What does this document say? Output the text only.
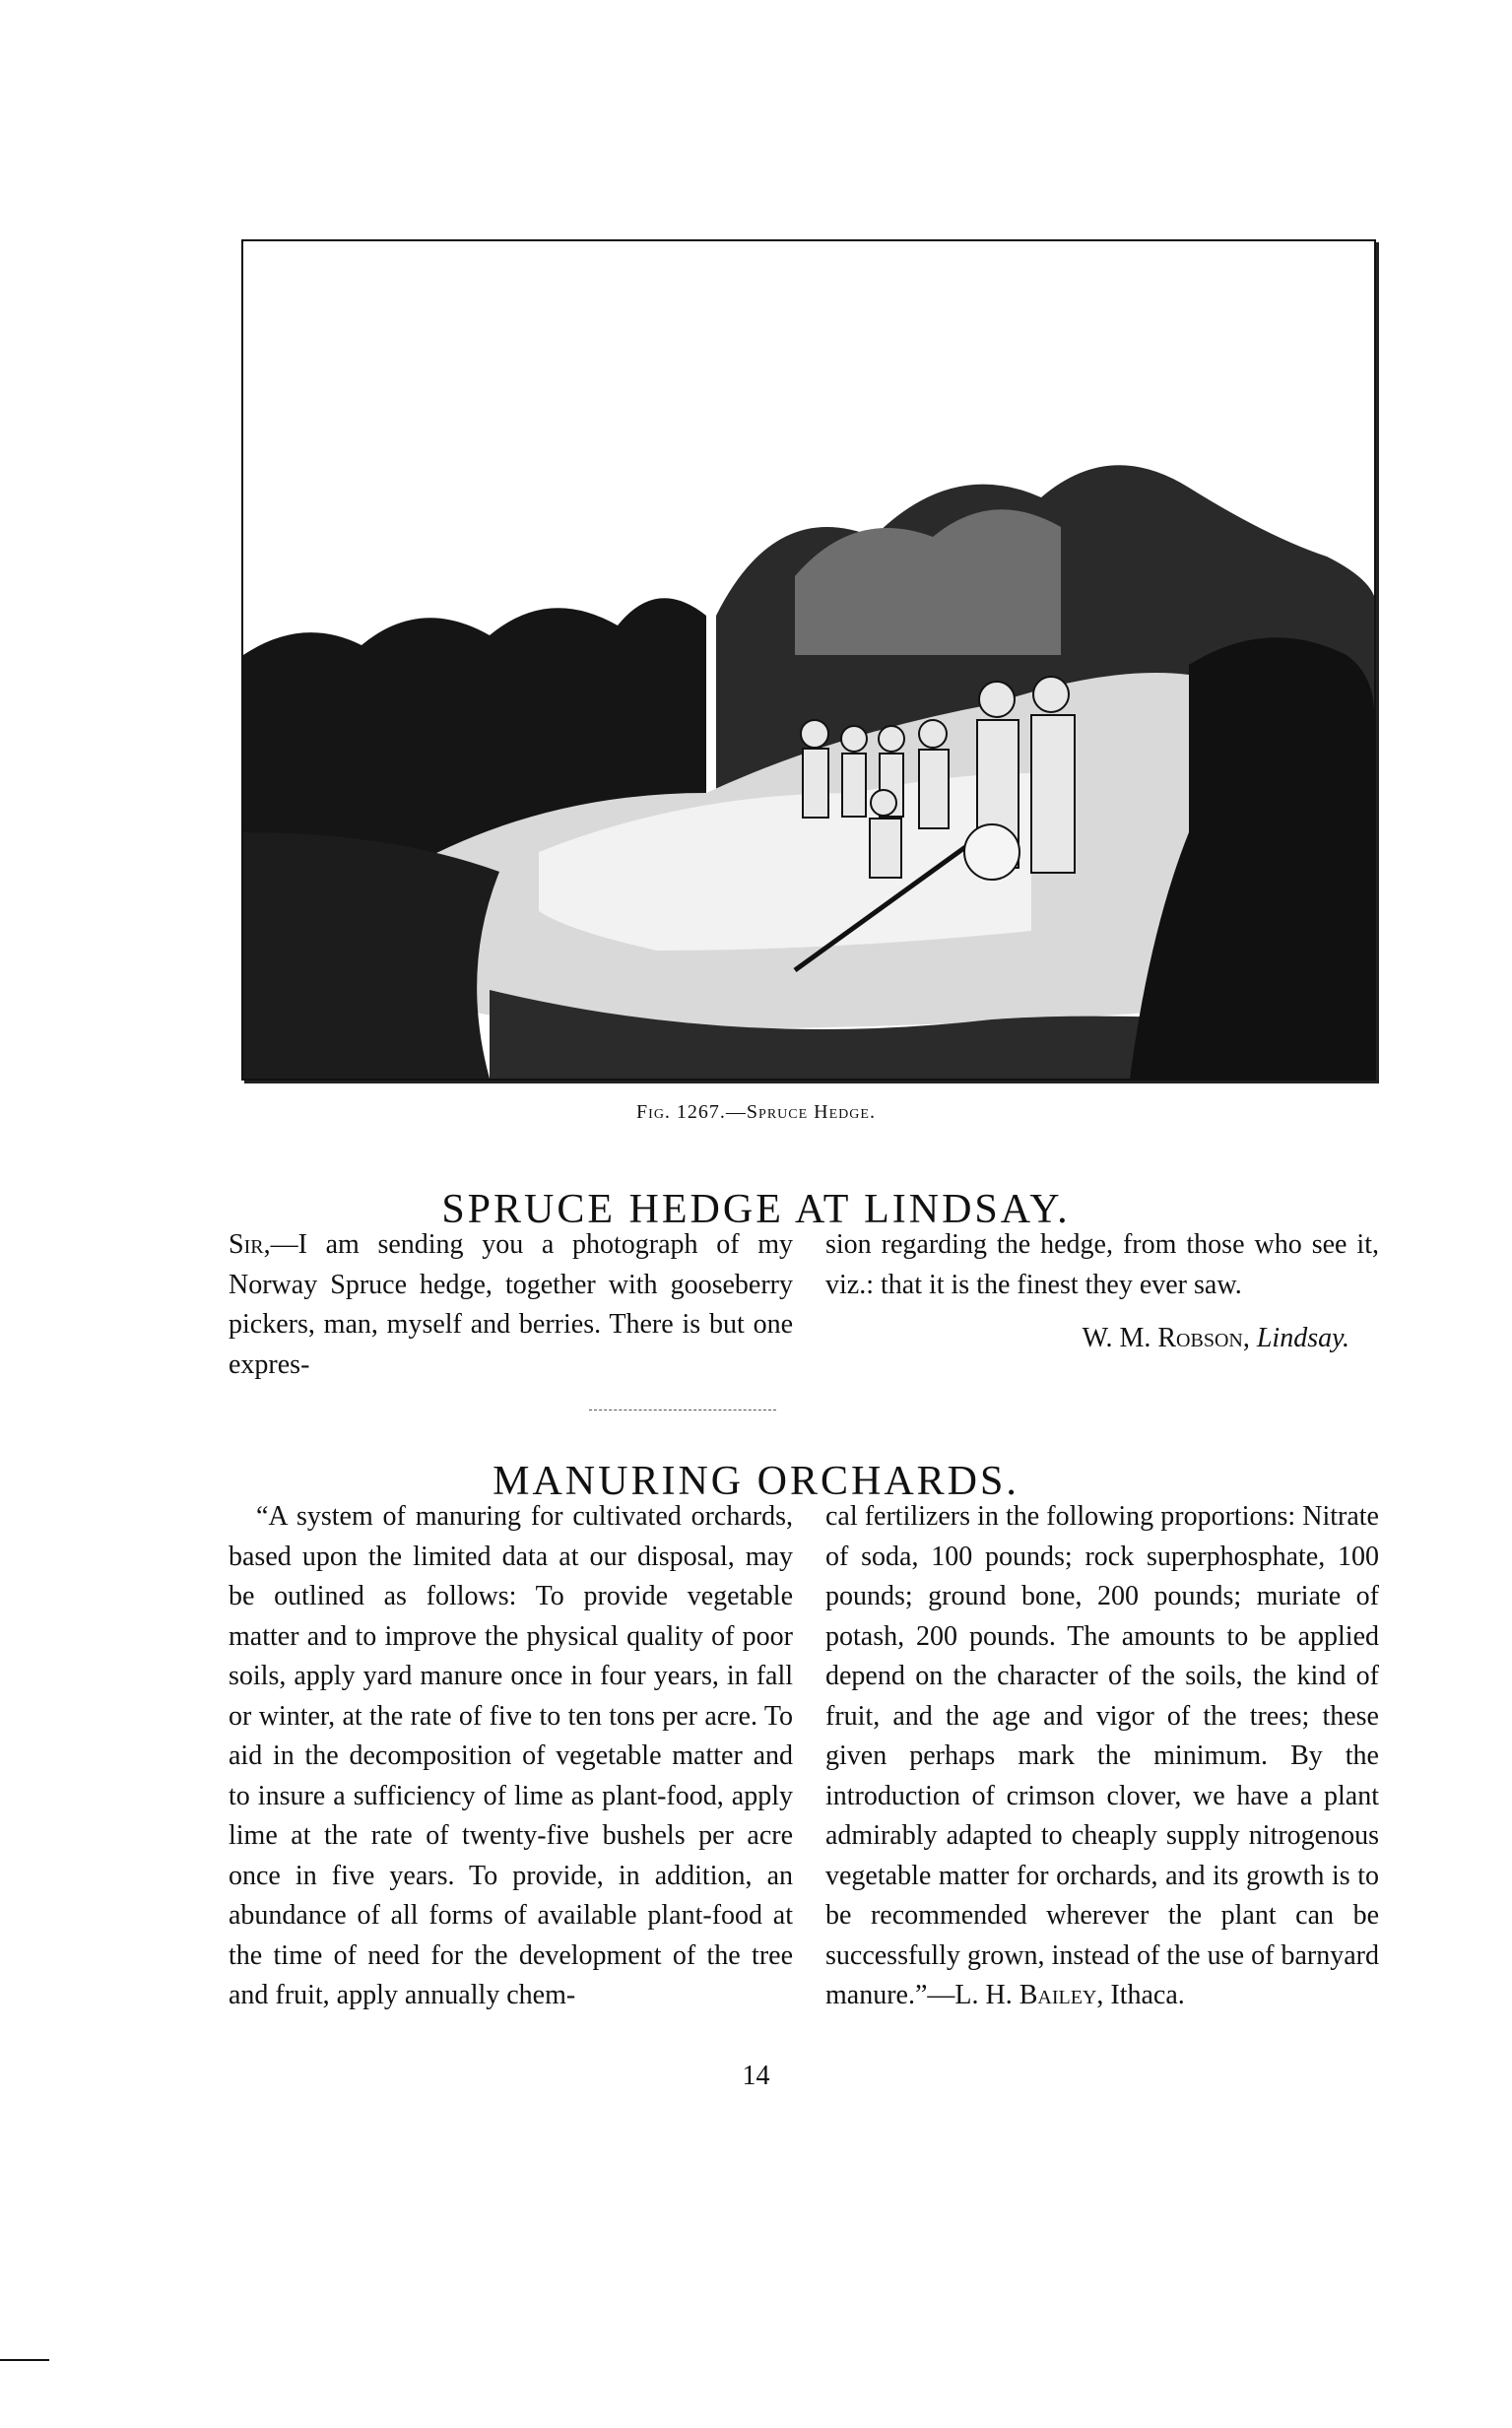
Fig. 1267.—Spruce Hedge.
SPRUCE HEDGE AT LINDSAY.

Sir,—I am sending you a photograph of my Norway Spruce hedge, together with gooseberry pickers, man, myself and berries. There is but one expres-

sion regarding the hedge, from those who see it, viz.: that it is the finest they ever saw.

W. M. Robson, Lindsay.
MANURING ORCHARDS.

“A system of manuring for cultivated orchards, based upon the limited data at our disposal, may be outlined as follows: To provide vegetable matter and to improve the physical quality of poor soils, apply yard manure once in four years, in fall or winter, at the rate of five to ten tons per acre. To aid in the decomposition of vegetable matter and to insure a sufficiency of lime as plant-food, apply lime at the rate of twenty-five bushels per acre once in five years. To provide, in addition, an abundance of all forms of available plant-food at the time of need for the development of the tree and fruit, apply annually chem-

cal fertilizers in the following proportions: Nitrate of soda, 100 pounds; rock superphosphate, 100 pounds; ground bone, 200 pounds; muriate of potash, 200 pounds. The amounts to be applied depend on the character of the soils, the kind of fruit, and the age and vigor of the trees; these given perhaps mark the minimum. By the introduction of crimson clover, we have a plant admirably adapted to cheaply supply nitrogenous vegetable matter for orchards, and its growth is to be recommended wherever the plant can be successfully grown, instead of the use of barnyard manure.”—L. H. Bailey, Ithaca.

14
